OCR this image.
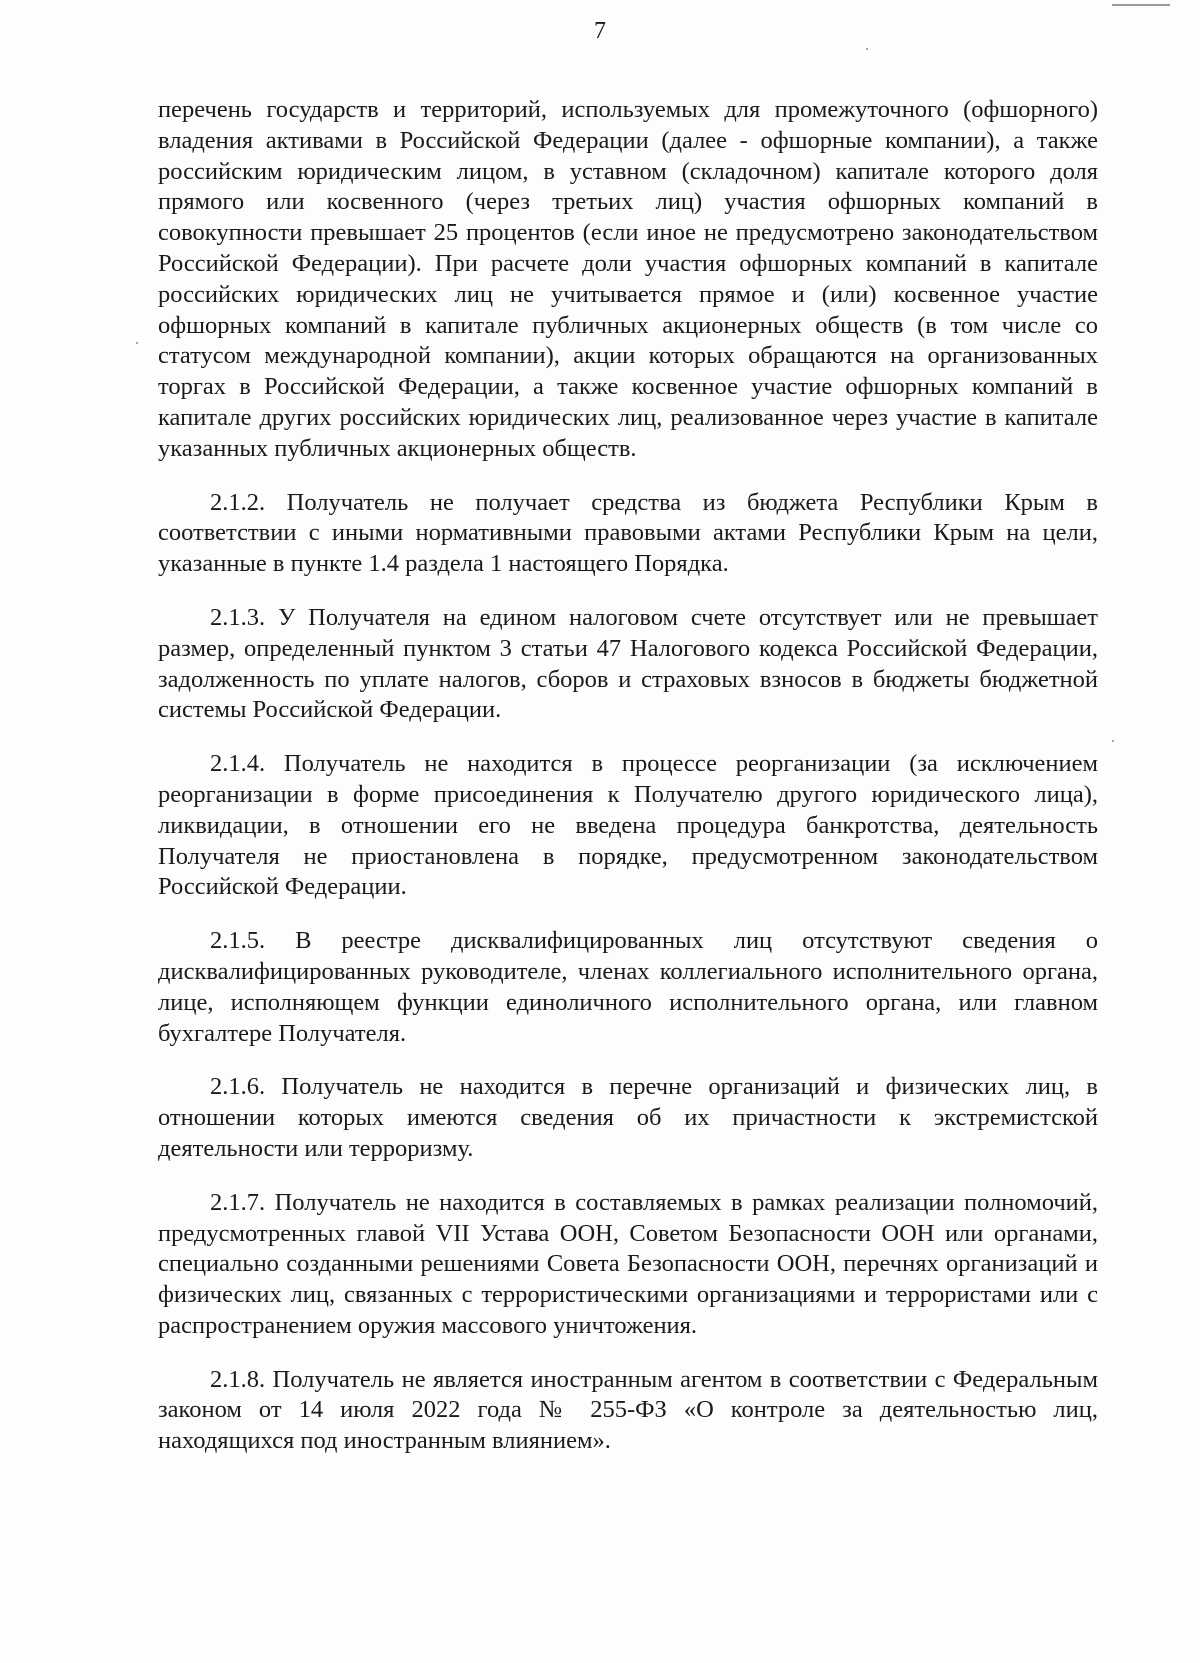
7

перечень государств и территорий, используемых для промежуточного (офшорного) владения активами в Российской Федерации (далее - офшорные компании), а также российским юридическим лицом, в уставном (складочном) капитале которого доля прямого или косвенного (через третьих лиц) участия офшорных компаний в совокупности превышает 25 процентов (если иное не предусмотрено законодательством Российской Федерации). При расчете доли участия офшорных компаний в капитале российских юридических лиц не учитывается прямое и (или) косвенное участие офшорных компаний в капитале публичных акционерных обществ (в том числе со статусом международной компании), акции которых обращаются на организованных торгах в Российской Федерации, а также косвенное участие офшорных компаний в капитале других российских юридических лиц, реализованное через участие в капитале указанных публичных акционерных обществ.

2.1.2. Получатель не получает средства из бюджета Республики Крым в соответствии с иными нормативными правовыми актами Республики Крым на цели, указанные в пункте 1.4 раздела 1 настоящего Порядка.

2.1.3. У Получателя на едином налоговом счете отсутствует или не превышает размер, определенный пунктом 3 статьи 47 Налогового кодекса Российской Федерации, задолженность по уплате налогов, сборов и страховых взносов в бюджеты бюджетной системы Российской Федерации.

2.1.4. Получатель не находится в процессе реорганизации (за исключением реорганизации в форме присоединения к Получателю другого юридического лица), ликвидации, в отношении его не введена процедура банкротства, деятельность Получателя не приостановлена в порядке, предусмотренном законодательством Российской Федерации.

2.1.5. В реестре дисквалифицированных лиц отсутствуют сведения о дисквалифицированных руководителе, членах коллегиального исполнительного органа, лице, исполняющем функции единоличного исполнительного органа, или главном бухгалтере Получателя.

2.1.6. Получатель не находится в перечне организаций и физических лиц, в отношении которых имеются сведения об их причастности к экстремистской деятельности или терроризму.

2.1.7. Получатель не находится в составляемых в рамках реализации полномочий, предусмотренных главой VII Устава ООН, Советом Безопасности ООН или органами, специально созданными решениями Совета Безопасности ООН, перечнях организаций и физических лиц, связанных с террористическими организациями и террористами или с распространением оружия массового уничтожения.

2.1.8. Получатель не является иностранным агентом в соответствии с Федеральным законом от 14 июля 2022 года № 255-ФЗ «О контроле за деятельностью лиц, находящихся под иностранным влиянием».
